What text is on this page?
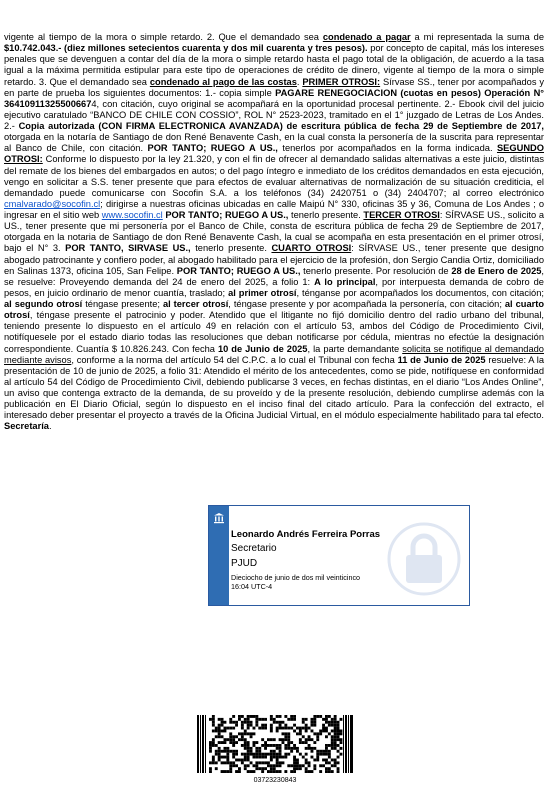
vigente al tiempo de la mora o simple retardo. 2. Que el demandado sea condenado a pagar a mi representada la suma de $10.742.043.- (diez millones setecientos cuarenta y dos mil cuarenta y tres pesos). por concepto de capital, más los intereses penales que se devenguen a contar del día de la mora o simple retardo hasta el pago total de la obligación, de acuerdo a la tasa igual a la máxima permitida estipular para este tipo de operaciones de crédito de dinero, vigente al tiempo de la mora o simple retardo. 3. Que el demandado sea condenado al pago de las costas. PRIMER OTROSI: Sírvase SS., tener por acompañados y en parte de prueba los siguientes documentos: 1.- copia simple PAGARE RENEGOCIACION (cuotas en pesos) Operación N° 364109113255006674, con citación, cuyo original se acompañará en la oportunidad procesal pertinente. 2.- Ebook civil del juicio ejecutivo caratulado “BANCO DE CHILE CON COSSIO”, ROL N° 2523-2023, tramitado en el 1° juzgado de Letras de Los Andes. 2.- Copia autorizada (CON FIRMA ELECTRONICA AVANZADA) de escritura pública de fecha 29 de Septiembre de 2017, otorgada en la notaría de Santiago de don René Benavente Cash, en la cual consta la personería de la suscrita para representar al Banco de Chile, con citación. POR TANTO; RUEGO A US., tenerlos por acompañados en la forma indicada. SEGUNDO OTROSI: Conforme lo dispuesto por la ley 21.320, y con el fin de ofrecer al demandado salidas alternativas a este juicio, distintas del remate de los bienes del embargados en autos; o del pago íntegro e inmediato de los créditos demandados en esta ejecución, vengo en solicitar a S.S. tener presente que para efectos de evaluar alternativas de normalización de su situación crediticia, el demandado puede comunicarse con Socofin S.A. a los teléfonos (34) 2420751 o (34) 2404707; al correo electrónico cmalvarado@socofin.cl; dirigirse a nuestras oficinas ubicadas en calle Maipú N° 330, oficinas 35 y 36, Comuna de Los Andes ; o ingresar en el sitio web www.socofin.cl POR TANTO; RUEGO A US., tenerlo presente. TERCER OTROSI: SÍRVASE US., solicito a US., tener presente que mi personería por el Banco de Chile, consta de escritura pública de fecha 29 de Septiembre de 2017, otorgada en la notaria de Santiago de don René Benavente Cash, la cual se acompaña en esta presentación en el primer otrosí, bajo el N° 3. POR TANTO, SIRVASE US., tenerlo presente. CUARTO OTROSI: SÍRVASE US., tener presente que designo abogado patrocinante y confiero poder, al abogado habilitado para el ejercicio de la profesión, don Sergio Candia Ortiz, domiciliado en Salinas 1373, oficina 105, San Felipe. POR TANTO; RUEGO A US., tenerlo presente. Por resolución de 28 de Enero de 2025, se resuelve: Proveyendo demanda del 24 de enero del 2025, a folio 1: A lo principal, por interpuesta demanda de cobro de pesos, en juicio ordinario de menor cuantía, traslado; al primer otrosí, ténganse por acompañados los documentos, con citación; al segundo otrosí téngase presente; al tercer otrosí, téngase presente y por acompañada la personería, con citación; al cuarto otrosí, téngase presente el patrocinio y poder. Atendido que el litigante no fijó domicilio dentro del radio urbano del tribunal, teniendo presente lo dispuesto en el artículo 49 en relación con el artículo 53, ambos del Código de Procedimiento Civil, notifíquesele por el estado diario todas las resoluciones que deban notificarse por cédula, mientras no efectúe la designación correspondiente. Cuantía $ 10.826.243. Con fecha 10 de Junio de 2025, la parte demandante solicita se notifique al demandado mediante avisos, conforme a la norma del artículo 54 del C.P.C. a lo cual el Tribunal con fecha 11 de Junio de 2025 resuelve: A la presentación de 10 de junio de 2025, a folio 31: Atendido el mérito de los antecedentes, como se pide, notifíquese en conformidad al artículo 54 del Código de Procedimiento Civil, debiendo publicarse 3 veces, en fechas distintas, en el diario “Los Andes Online”, un aviso que contenga extracto de la demanda, de su proveído y de la presente resolución, debiendo cumplirse además con la publicación en El Diario Oficial, según lo dispuesto en el inciso final del citado artículo. Para la confección del extracto, el interesado deber presentar el proyecto a través de la Oficina Judicial Virtual, en el módulo especialmente habilitado para tal efecto. Secretaría.

Leonardo Andrés Ferreira Porras
Secretario
PJUD
Dieciocho de junio de dos mil veinticinco
16:04 UTC-4
037232308​43
